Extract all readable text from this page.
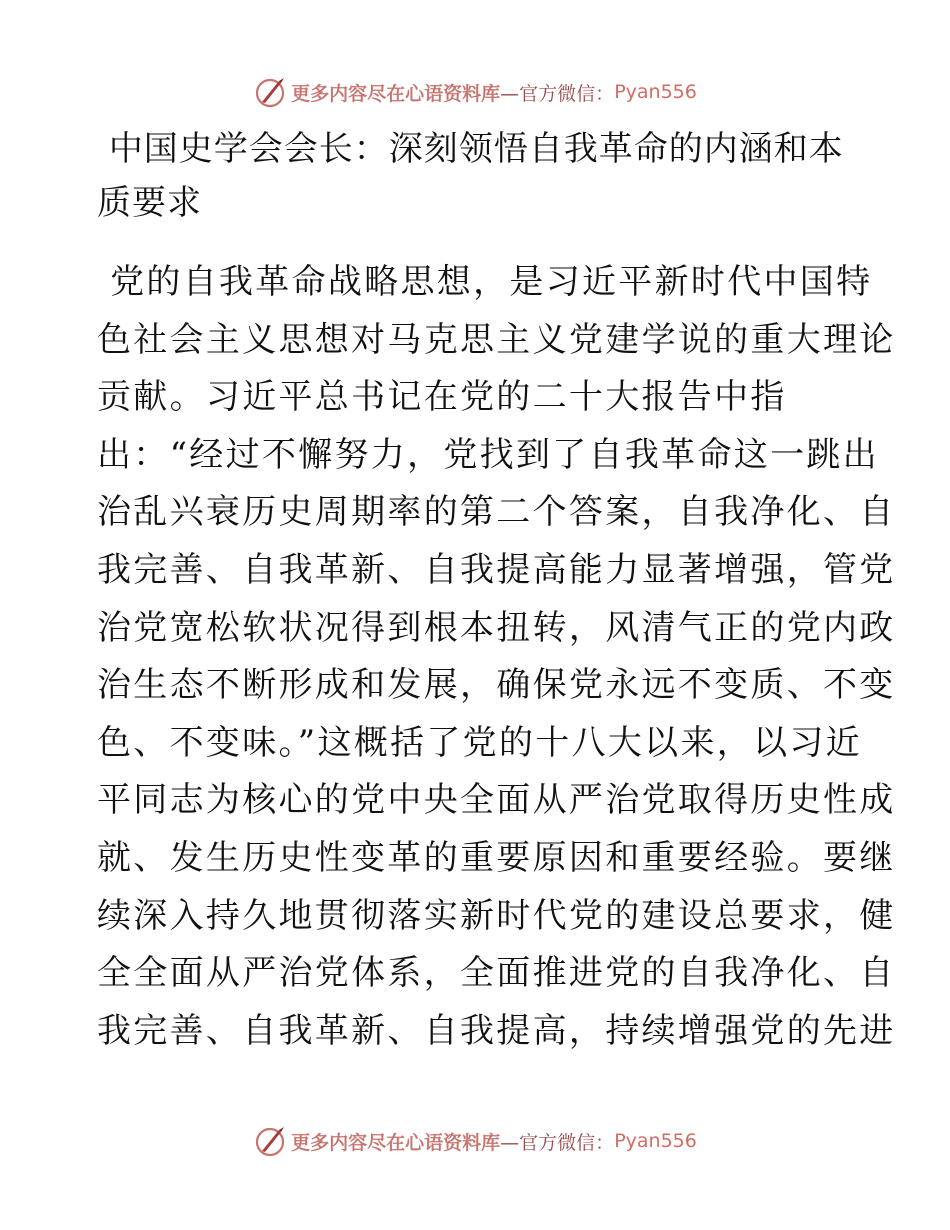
更多内容尽在心语资料库 —官方微信： Pyan556
中国史学会会长：深刻领悟自我革命的内涵和本
质要求
党的自我革命战略思想，是习近平新时代中国特
色社会主义思想对马克思主义党建学说的重大理论
贡献。习近平总书记在党的二十大报告中指
出：“经过不懈努力，党找到了自我革命这一跳出
治乱兴衰历史周期率的第二个答案，自我净化、自
我完善、自我革新、自我提高能力显著增强，管党
治党宽松软状况得到根本扭转，风清气正的党内政
治生态不断形成和发展，确保党永远不变质、不变
色、不变味。”这概括了党的十八大以来，以习近
平同志为核心的党中央全面从严治党取得历史性成
就、发生历史性变革的重要原因和重要经验。要继
续深入持久地贯彻落实新时代党的建设总要求，健
全全面从严治党体系，全面推进党的自我净化、自
我完善、自我革新、自我提高，持续增强党的先进
更多内容尽在心语资料库 —官方微信： Pyan556
